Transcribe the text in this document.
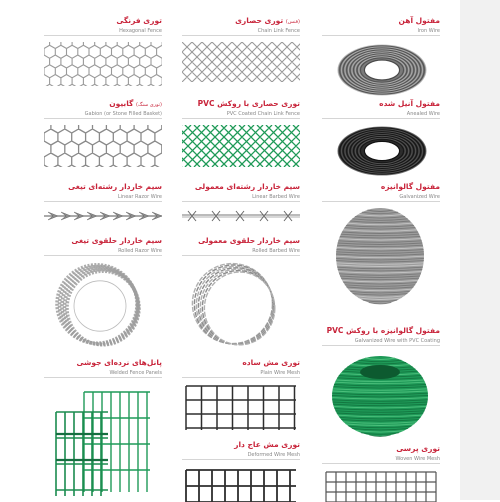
توری فرنگی
Hexagonal Fence
(توری سنگ) گابیون
Gabion (or Stone Filled Basket)
سیم خاردار رشته‌ای تیغی
Linear Razor Wire
سیم خاردار حلقوی تیغی
Rolled Razor Wire
پانل‌های نرده‌ای جوشی
Welded Fence Panels
(فنس) توری حصاری
Chain Link Fence
توری حصاری با روکش PVC
PVC Coated Chain Link Fence
سیم خاردار رشته‌ای معمولی
Linear Barbed Wire
سیم خاردار حلقوی معمولی
Rolled Barbed Wire
توری مش ساده
Plain Wire Mesh
توری مش عاج دار
Deformed Wire Mesh
مفتول آهن
Iron Wire
مفتول آنیل شده
Anealed Wire
مفتول گالوانیزه
Galvanized Wire
مفتول گالوانیزه با روکش PVC
Galvanized Wire with PVC Coating
توری پرسی
Woven Wire Mesh
